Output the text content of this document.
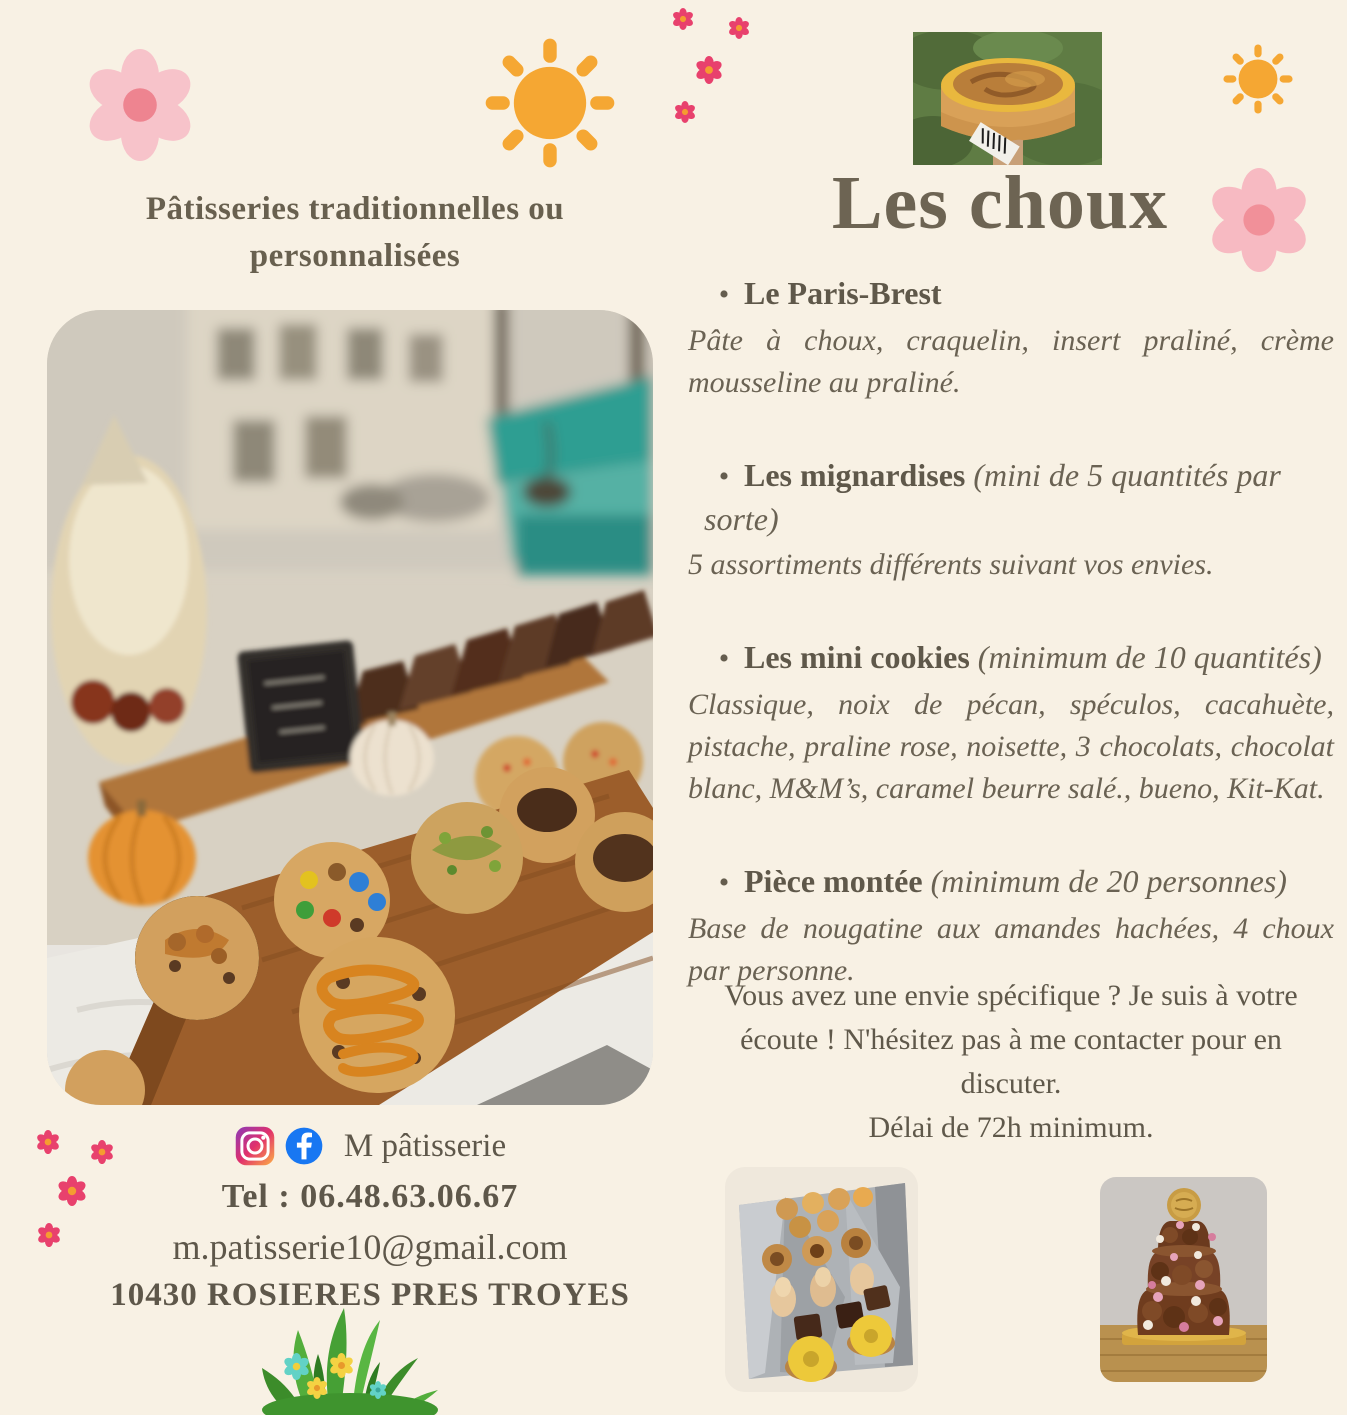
Pâtisseries traditionnelles ou
personnalisées
Les choux
• Le Paris-Brest
Pâte à choux, craquelin, insert praliné, crème mousseline au praliné.
• Les mignardises (mini de 5 quantités par sorte)
5 assortiments différents suivant vos envies.
• Les mini cookies (minimum de 10 quantités)
Classique, noix de pécan, spéculos, cacahuète, pistache, praline rose, noisette, 3 chocolats, chocolat blanc, M&M’s, caramel beurre salé., bueno, Kit-Kat.
• Pièce montée (minimum de 20 personnes)
Base de nougatine aux amandes hachées, 4 choux par personne.
Vous avez une envie spécifique ? Je suis à votre écoute ! N'hésitez pas à me contacter pour en discuter.
Délai de 72h minimum.
M pâtisserie
Tel : 06.48.63.06.67
m.patisserie10@gmail.com
10430 ROSIERES PRES TROYES
